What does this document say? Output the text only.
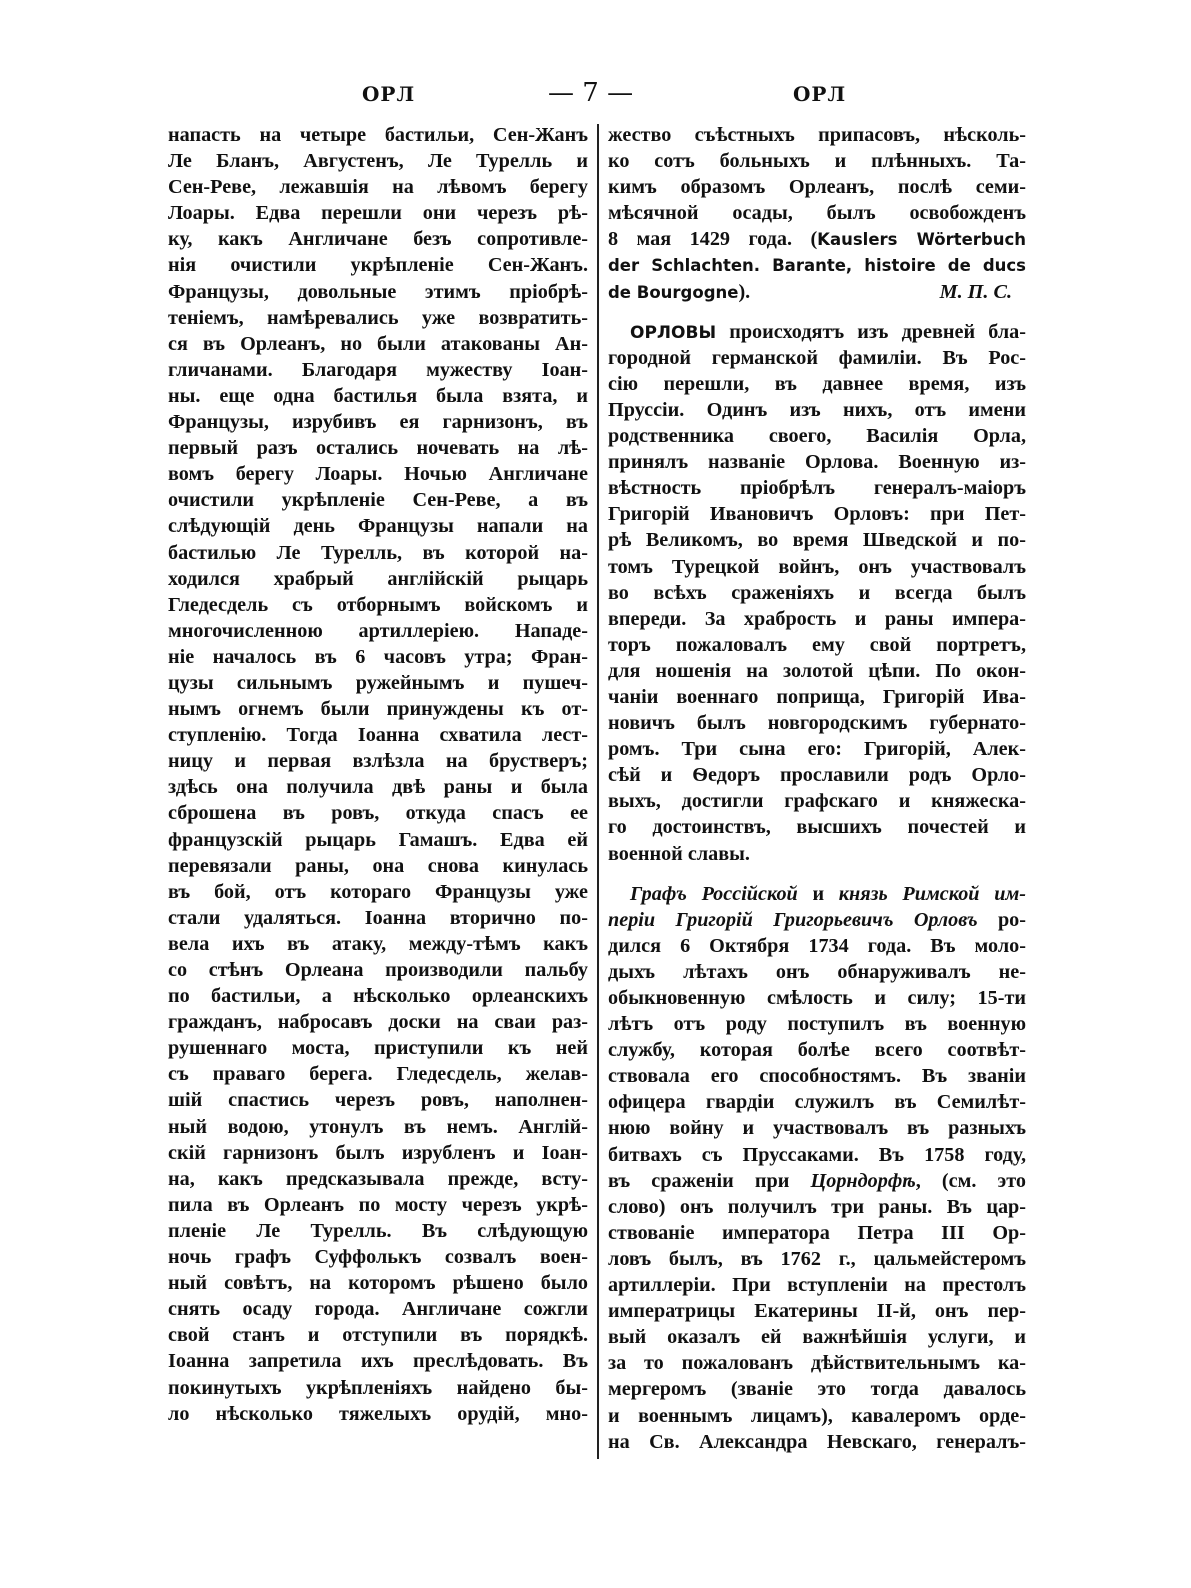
ОРЛ	— 7 —	ОРЛ
напасть на четыре бастильи, Сен-Жанъ
Ле Бланъ, Августенъ, Ле Турелль и
Сен-Реве, лежавшія на лѣвомъ берегу
Лоары. Едва перешли они черезъ рѣ-
ку, какъ Англичане безъ сопротивле-
нія очистили укрѣпленіе Сен-Жанъ.
Французы, довольные этимъ пріобрѣ-
теніемъ, намѣревались уже возвратить-
ся въ Орлеанъ, но были атакованы Ан-
гличанами. Благодаря мужеству Іоан-
ны. еще одна бастилья была взята, и
Французы, изрубивъ ея гарнизонъ, въ
первый разъ остались ночевать на лѣ-
вомъ берегу Лоары. Ночью Англичане
очистили укрѣпленіе Сен-Реве, а въ
слѣдующій день Французы напали на
бастилью Ле Турелль, въ которой на-
ходился храбрый англійскій рыцарь
Гледесдель съ отборнымъ войскомъ и
многочисленною артиллеріею. Нападе-
ніе началось въ 6 часовъ утра; Фран-
цузы сильнымъ ружейнымъ и пушеч-
нымъ огнемъ были принуждены къ от-
ступленію. Тогда Іоанна схватила лест-
ницу и первая взлѣзла на брустверъ;
здѣсь она получила двѣ раны и была
сброшена въ ровъ, откуда спасъ ее
французскій рыцарь Гамашъ. Едва ей
перевязали раны, она снова кинулась
въ бой, отъ котораго Французы уже
стали удаляться. Іоанна вторично по-
вела ихъ въ атаку, между-тѣмъ какъ
со стѣнъ Орлеана производили пальбу
по бастильи, а нѣсколько орлеанскихъ
гражданъ, набросавъ доски на сваи раз-
рушеннаго моста, приступили къ ней
съ праваго берега. Гледесдель, желав-
шій спастись черезъ ровъ, наполнен-
ный водою, утонулъ въ немъ. Англій-
скій гарнизонъ былъ изрубленъ и Іоан-
на, какъ предсказывала прежде, всту-
пила въ Орлеанъ по мосту черезъ укрѣ-
пленіе Ле Турелль. Въ слѣдующую
ночь графъ Суффолькъ созвалъ воен-
ный совѣтъ, на которомъ рѣшено было
снять осаду города. Англичане сожгли
свой станъ и отступили въ порядкѣ.
Іоанна запретила ихъ преслѣдовать. Въ
покинутыхъ укрѣпленіяхъ найдено бы-
ло нѣсколько тяжелыхъ орудій, мно-
жество съѣстныхъ припасовъ, нѣсколь-
ко сотъ больныхъ и плѣнныхъ. Та-
кимъ образомъ Орлеанъ, послѣ семи-
мѣсячной осады, былъ освобожденъ
8 мая 1429 года. (Kauslers Wörterbuch
der Schlachten. Barante, histoire de ducs
de Bourgogne).	М. П. С.
ОРЛОВЫ происходятъ изъ древней бла-
городной германской фамиліи. Въ Рос-
сію перешли, въ давнее время, изъ
Пруссіи. Одинъ изъ нихъ, отъ имени
родственника своего, Василія Орла,
принялъ названіе Орлова. Военную из-
вѣстность пріобрѣлъ генералъ-маіоръ
Григорій Ивановичъ Орловъ: при Пет-
рѣ Великомъ, во время Шведской и по-
томъ Турецкой войнъ, онъ участвовалъ
во всѣхъ сраженіяхъ и всегда былъ
впереди. За храбрость и раны импера-
торъ пожаловалъ ему свой портретъ,
для ношенія на золотой цѣпи. По окон-
чаніи военнаго поприща, Григорій Ива-
новичъ былъ новгородскимъ губернато-
ромъ. Три сына его: Григорій, Алек-
сѣй и Ѳедоръ прославили родъ Орло-
выхъ, достигли графскаго и княжеска-
го достоинствъ, высшихъ почестей и
военной славы.
Графъ Россійской и князь Римской им-
періи Григорій Григорьевичъ Орловъ ро-
дился 6 Октября 1734 года. Въ моло-
дыхъ лѣтахъ онъ обнаруживалъ не-
обыкновенную смѣлость и силу; 15-ти
лѣтъ отъ роду поступилъ въ военную
службу, которая болѣе всего соотвѣт-
ствовала его способностямъ. Въ званіи
офицера гвардіи служилъ въ Семилѣт-
нюю войну и участвовалъ въ разныхъ
битвахъ съ Пруссаками. Въ 1758 году,
въ сраженіи при Цорндорфѣ, (см. это
слово) онъ получилъ три раны. Въ цар-
ствованіе императора Петра III Ор-
ловъ былъ, въ 1762 г., цальмейстеромъ
артиллеріи. При вступленіи на престолъ
императрицы Екатерины II-й, онъ пер-
вый оказалъ ей важнѣйшія услуги, и
за то пожалованъ дѣйствительнымъ ка-
мергеромъ (званіе это тогда давалось
и военнымъ лицамъ), кавалеромъ орде-
на Св. Александра Невскаго, генералъ-
